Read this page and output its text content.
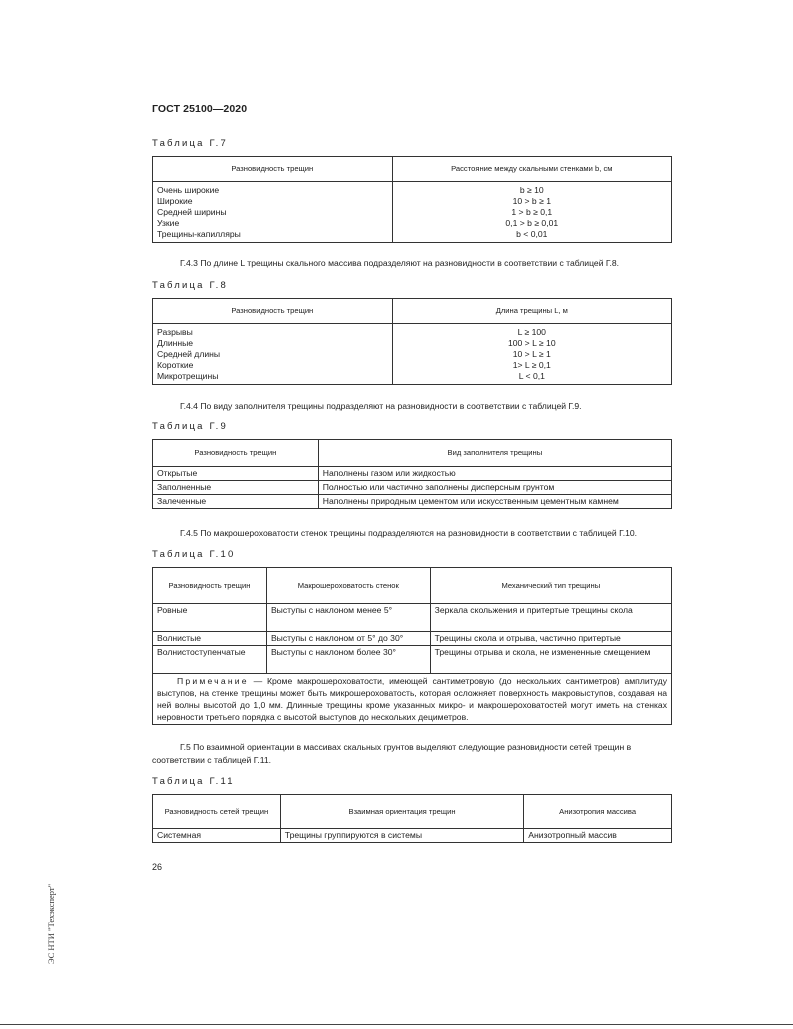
ГОСТ 25100—2020
Таблица Г.7
Разновидность трещин	Расстояние между скальными стенками b, см
Очень широкие	b ≥ 10
Широкие	10 > b ≥ 1
Средней ширины	1 > b ≥ 0,1
Узкие	0,1 > b ≥ 0,01
Трещины-капилляры	b < 0,01
Г.4.3 По длине L трещины скального массива подразделяют на разновидности в соответствии с таблицей Г.8.
Таблица Г.8
Разновидность трещин	Длина трещины L, м
Разрывы	L ≥ 100
Длинные	100 > L ≥ 10
Средней длины	10 > L ≥ 1
Короткие	1> L ≥ 0,1
Микротрещины	L < 0,1
Г.4.4 По виду заполнителя трещины подразделяют на разновидности в соответствии с таблицей Г.9.
Таблица Г.9
Разновидность трещин	Вид заполнителя трещины
Открытые	Наполнены газом или жидкостью
Заполненные	Полностью или частично заполнены дисперсным грунтом
Залеченные	Наполнены природным цементом или искусственным цементным камнем
Г.4.5 По макрошероховатости стенок трещины подразделяются на разновидности в соответствии с таблицей Г.10.
Таблица Г.10
Разновидность трещин	Макрошероховатость стенок	Механический тип трещины
Ровные	Выступы с наклоном менее 5°	Зеркала скольжения и притертые трещины скола
Волнистые	Выступы с наклоном от 5° до 30°	Трещины скола и отрыва, частично притертые
Волнистоступенчатые	Выступы с наклоном более 30°	Трещины отрыва и скола, не измененные смещением
Примечание — Кроме макрошероховатости, имеющей сантиметровую (до нескольких сантиметров) амплитуду выступов, на стенке трещины может быть микрошероховатость, которая осложняет поверхность макровыступов, создавая на ней волны высотой до 1,0 мм. Длинные трещины кроме указанных микро- и макрошероховатостей могут иметь на стенках неровности третьего порядка с высотой выступов до нескольких дециметров.		
Г.5 По взаимной ориентации в массивах скальных грунтов выделяют следующие разновидности сетей трещин в соответствии с таблицей Г.11.
Таблица Г.11
Разновидность сетей трещин	Взаимная ориентация трещин	Анизотропия массива
Системная	Трещины группируются в системы	Анизотропный массив
26
ЭС НТИ "Техэксперт"
